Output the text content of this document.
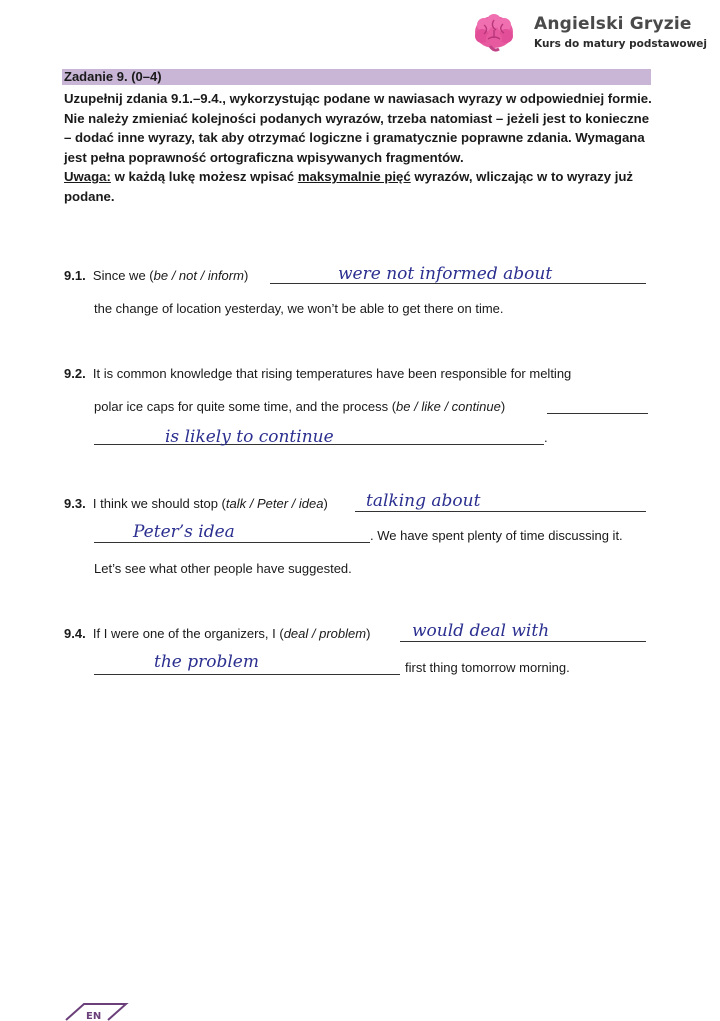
Angielski Gryzie
Kurs do matury podstawowej
Zadanie 9. (0–4)

Uzupełnij zdania 9.1.–9.4., wykorzystując podane w nawiasach wyrazy w odpowiedniej formie. Nie należy zmieniać kolejności podanych wyrazów, trzeba natomiast – jeżeli jest to konieczne – dodać inne wyrazy, tak aby otrzymać logiczne i gramatycznie poprawne zdania. Wymagana jest pełna poprawność ortograficzna wpisywanych fragmentów.

Uwaga: w każdą lukę możesz wpisać maksymalnie pięć wyrazów, wliczając w to wyrazy już podane.

9.1. Since we (be / not / inform)	were not informed about
the change of location yesterday, we won’t be able to get there on time.
9.2. It is common knowledge that rising temperatures have been responsible for melting
polar ice caps for quite some time, and the process (be / like / continue)
is likely to continue	.
9.3. I think we should stop (talk / Peter / idea) talking about
Peter’s idea	. We have spent plenty of time discussing it.
Let’s see what other people have suggested.
9.4. If I were one of the organizers, I (deal / problem) would deal with
the problem	first thing tomorrow morning.
EN
